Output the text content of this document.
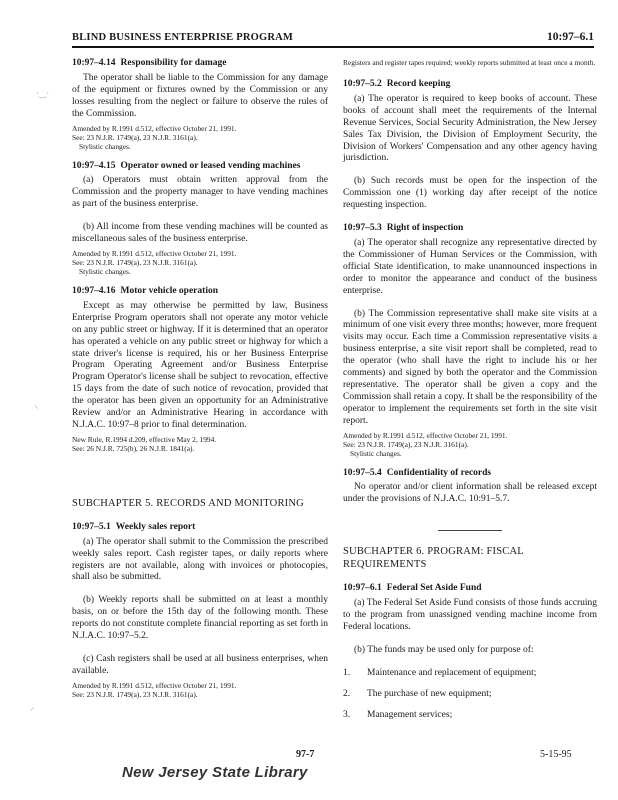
BLIND BUSINESS ENTERPRISE PROGRAM	10:97–6.1
10:97–4.14 Responsibility for damage

The operator shall be liable to the Commission for any damage of the equipment or fixtures owned by the Commission or any losses resulting from the neglect or failure to observe the rules of the Commission.

Amended by R.1991 d.512, effective October 21, 1991.
See: 23 N.J.R. 1749(a), 23 N.J.R. 3161(a).
Stylistic changes.
10:97–4.15 Operator owned or leased vending machines

(a) Operators must obtain written approval from the Commission and the property manager to have vending machines as part of the business enterprise.

(b) All income from these vending machines will be counted as miscellaneous sales of the business enterprise.

Amended by R.1991 d.512, effective October 21, 1991.
See: 23 N.J.R. 1749(a), 23 N.J.R. 3161(a).
Stylistic changes.
10:97–4.16 Motor vehicle operation

Except as may otherwise be permitted by law, Business Enterprise Program operators shall not operate any motor vehicle on any public street or highway. If it is determined that an operator has operated a vehicle on any public street or highway for which a state driver's license is required, his or her Business Enterprise Program Operating Agreement and/or Business Enterprise Program Operator's license shall be subject to revocation, effective 15 days from the date of such notice of revocation, provided that the operator has been given an opportunity for an Administrative Review and/or an Administrative Hearing in accordance with N.J.A.C. 10:97–8 prior to final determination.

New Rule, R.1994 d.209, effective May 2, 1994.
See: 26 N.J.R. 725(b), 26 N.J.R. 1841(a).
SUBCHAPTER 5. RECORDS AND MONITORING
10:97–5.1 Weekly sales report

(a) The operator shall submit to the Commission the prescribed weekly sales report. Cash register tapes, or daily reports where registers are not available, along with invoices or photocopies, shall also be submitted.

(b) Weekly reports shall be submitted on at least a monthly basis, on or before the 15th day of the following month. These reports do not constitute complete financial reporting as set forth in N.J.A.C. 10:97–5.2.

(c) Cash registers shall be used at all business enterprises, when available.

Amended by R.1991 d.512, effective October 21, 1991.
See: 23 N.J.R. 1749(a), 23 N.J.R. 3161(a).
Registers and register tapes required; weekly reports submitted at least once a month.
10:97–5.2 Record keeping

(a) The operator is required to keep books of account. These books of account shall meet the requirements of the Internal Revenue Services, Social Security Administration, the New Jersey Sales Tax Division, the Division of Employment Security, the Division of Workers' Compensation and any other agency having jurisdiction.

(b) Such records must be open for the inspection of the Commission one (1) working day after receipt of the notice requesting inspection.

10:97–5.3 Right of inspection

(a) The operator shall recognize any representative directed by the Commissioner of Human Services or the Commission, with official State identification, to make unannounced inspections in order to monitor the appearance and conduct of the business enterprise.

(b) The Commission representative shall make site visits at a minimum of one visit every three months; however, more frequent visits may occur. Each time a Commission representative visits a business enterprise, a site visit report shall be completed, read to the operator (who shall have the right to include his or her comments) and signed by both the operator and the Commission representative. The operator shall be given a copy and the Commission shall retain a copy. It shall be the responsibility of the operator to implement the requirements set forth in the site visit report.

Amended by R.1991 d.512, effective October 21, 1991.
See: 23 N.J.R. 1749(a), 23 N.J.R. 3161(a).
Stylistic changes.
10:97–5.4 Confidentiality of records

No operator and/or client information shall be released except under the provisions of N.J.A.C. 10:91–5.7.

SUBCHAPTER 6. PROGRAM: FISCAL REQUIREMENTS
10:97–6.1 Federal Set Aside Fund

(a) The Federal Set Aside Fund consists of those funds accruing to the program from unassigned vending machine income from Federal locations.

(b) The funds may be used only for purpose of:

1.	Maintenance and replacement of equipment;
2.	The purchase of new equipment;
3.	Management services;
97-7	5-15-95
New Jersey State Library
·‿·
⸜
⸝
